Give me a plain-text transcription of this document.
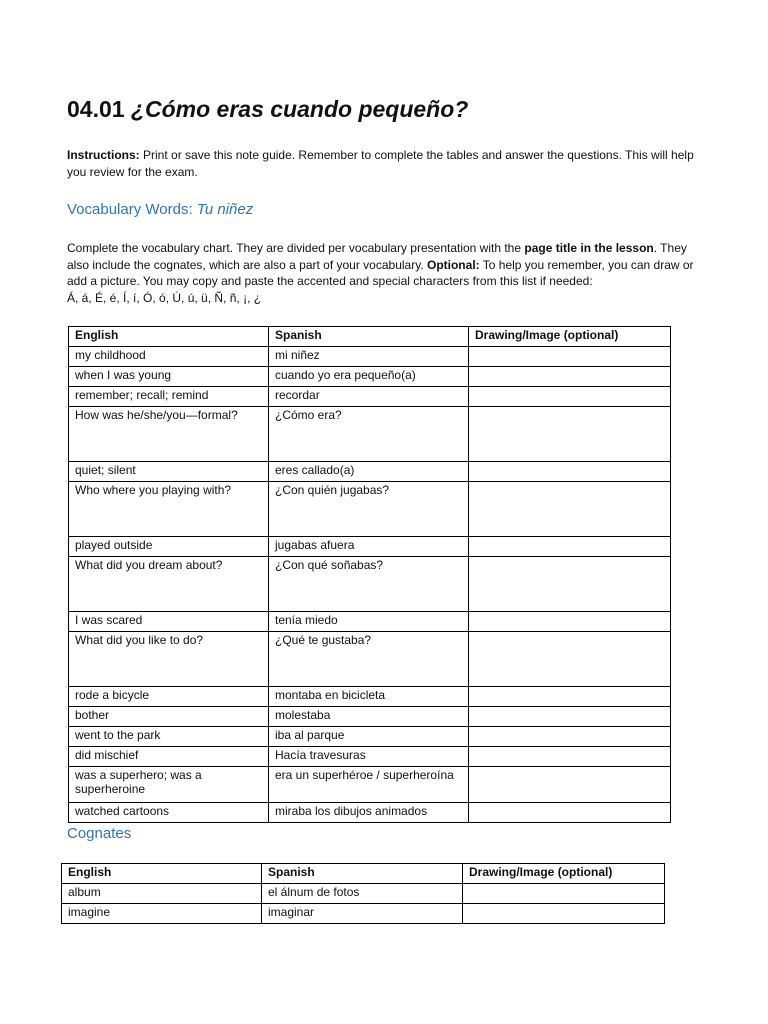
04.01 ¿Cómo eras cuando pequeño?
Instructions: Print or save this note guide. Remember to complete the tables and answer the questions. This will help you review for the exam.
Vocabulary Words: Tu niñez

Complete the vocabulary chart. They are divided per vocabulary presentation with the page title in the lesson. They also include the cognates, which are also a part of your vocabulary. Optional: To help you remember, you can draw or add a picture. You may copy and paste the accented and special characters from this list if needed:

Á, á, É, é, Í, í, Ó, ó, Ú, ú, ü, Ñ, ñ, ¡, ¿

English	Spanish	Drawing/Image (optional)
my childhood	mi niñez	
when I was young	cuando yo era pequeño(a)	
remember; recall; remind	recordar	
How was he/she/you—formal?	¿Cómo era?	
quiet; silent	eres callado(a)	
Who where you playing with?	¿Con quién jugabas?	
played outside	jugabas afuera	
What did you dream about?	¿Con qué soñabas?	
I was scared	tenía miedo	
What did you like to do?	¿Qué te gustaba?	
rode a bicycle	montaba en bicicleta	
bother	molestaba	
went to the park	iba al parque	
did mischief	Hacía travesuras	
was a superhero; was a superheroine	era un superhéroe / superheroína	
watched cartoons	miraba los dibujos animados	
Cognates
English	Spanish	Drawing/Image (optional)
album	el álnum de fotos	
imagine	imaginar	
